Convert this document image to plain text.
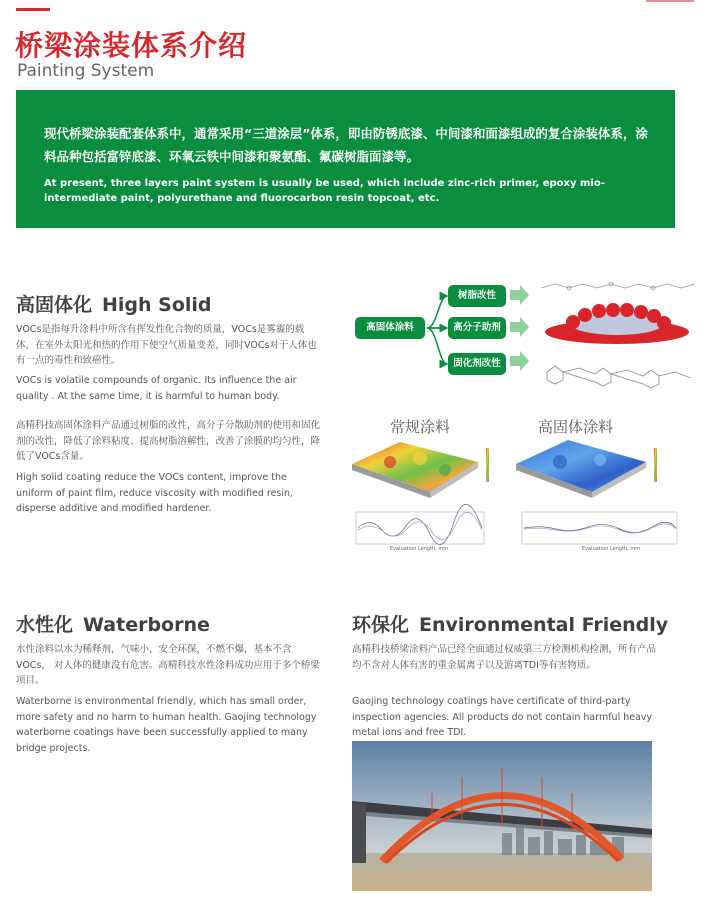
桥梁涂装体系介绍
Painting System
现代桥梁涂装配套体系中，通常采用“三道涂层”体系，即由防锈底漆、中间漆和面漆组成的复合涂装体系，涂料品种包括富锌底漆、环氧云铁中间漆和聚氨酯、氟碳树脂面漆等。
At present, three layers paint system is usually be used, which include zinc-rich primer, epoxy mio-intermediate paint, polyurethane and fluorocarbon resin topcoat, etc.
高固体化 High Solid
VOCs是指每升涂料中所含有挥发性化合物的质量，VOCs是雾霾的载体，在室外太阳光和热的作用下使空气质量变差，同时VOCs对于人体也有一点的毒性和致癌性。
VOCs is volatile compounds of organic. Its influence the air quality . At the same time, it is harmful to human body.
高精科技高固体涂料产品通过树脂的改性，高分子分散助剂的使用和固化剂的改性，降低了涂料粘度、提高树脂溶解性，改善了涂膜的均匀性，降低了VOCs含量。
High solid coating reduce the VOCs content, improve the uniform of paint film, reduce viscosity with modified resin, disperse additive and modified hardener.
高固体涂料
树脂改性
高分子助剂
固化剂改性
常规涂料	高固体涂料
Evaluation Length, mm	Evaluation Length, mm
水性化 Waterborne
水性涂料以水为稀释剂，气味小，安全环保，不燃不爆，基本不含VOCs， 对人体的健康没有危害。高精科技水性涂料成功应用于多个桥梁项目。
Waterborne is environmental friendly, which has small order, more safety and no harm to human health. Gaojing technology waterborne coatings have been successfully applied to many bridge projects.
环保化 Environmental Friendly
高精科技桥梁涂料产品已经全面通过权威第三方检测机构检测，所有产品均不含对人体有害的重金属离子以及游离TDI等有害物质。
Gaojing technology coatings have certificate of third-party inspection agencies. All products do not contain harmful heavy metal ions and free TDI.
